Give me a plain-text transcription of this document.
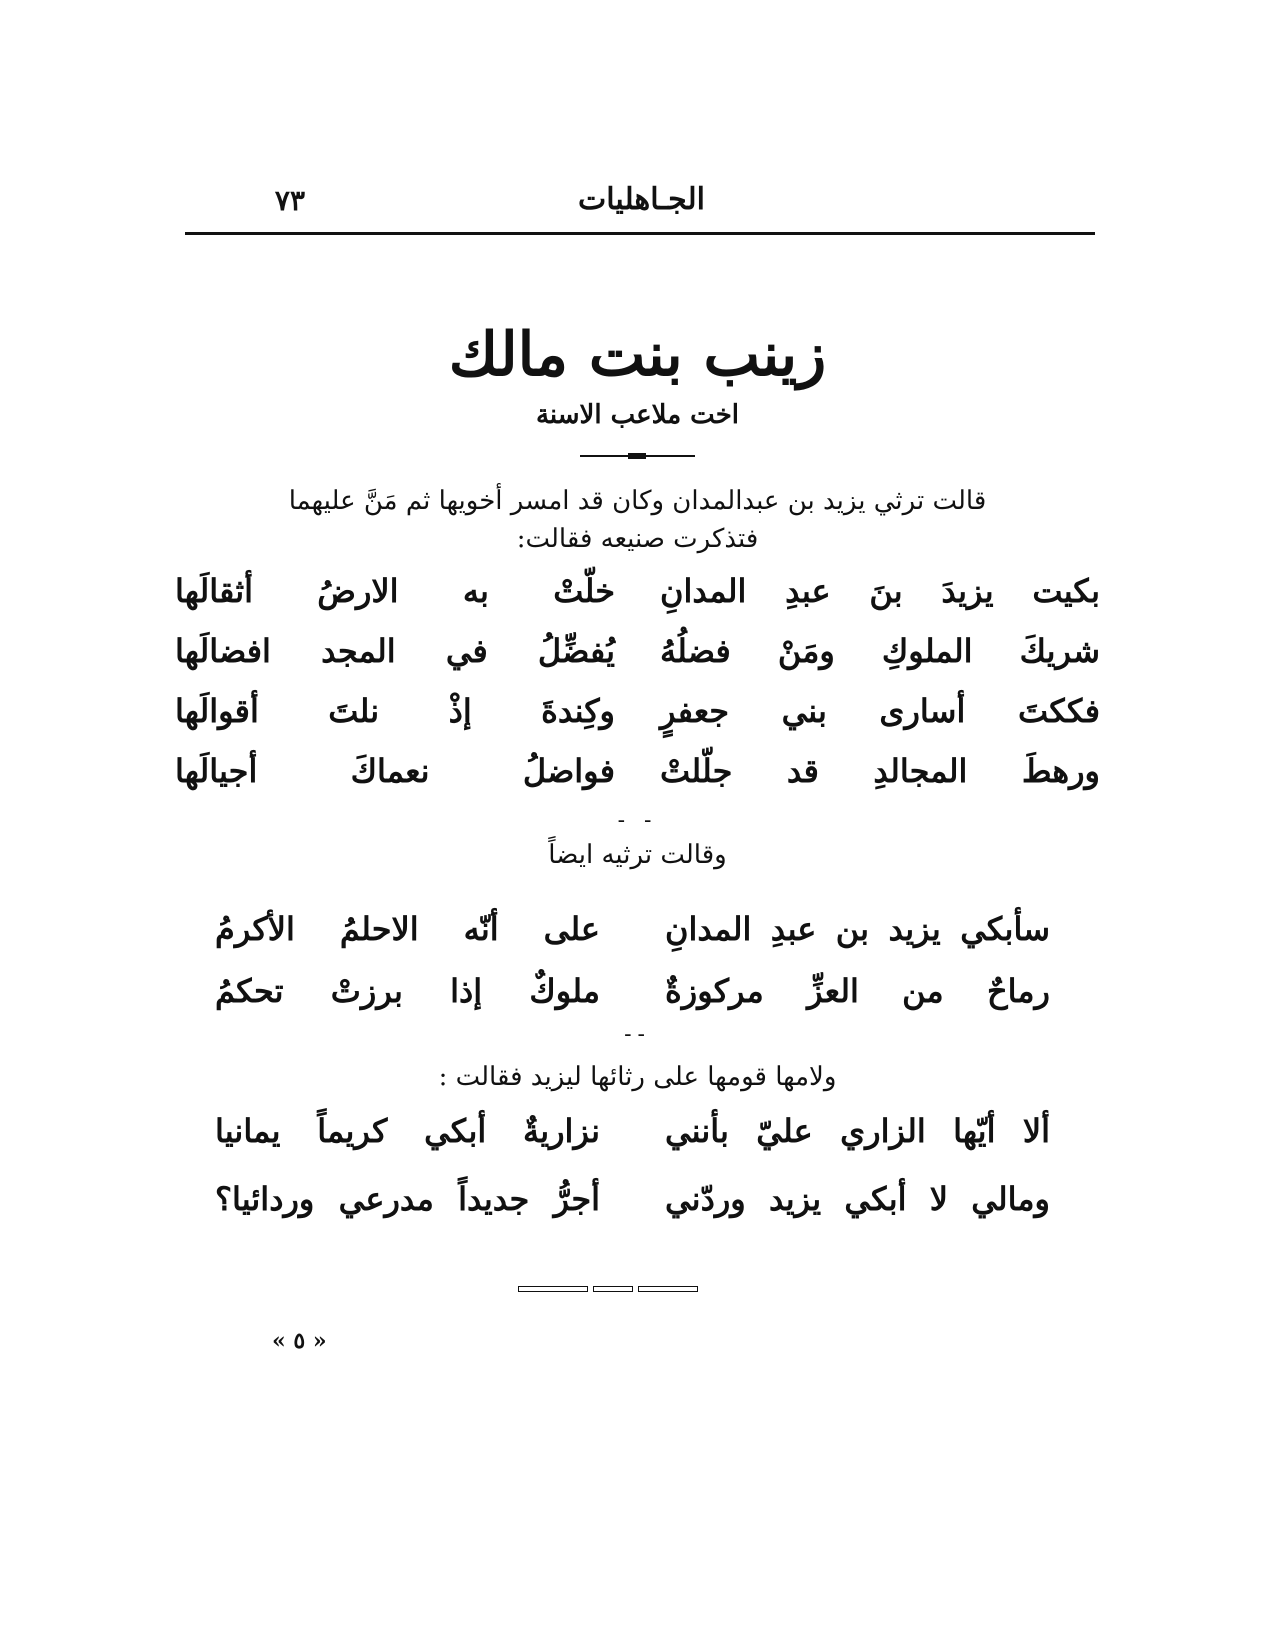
الجـاهليات
٧٣
زينب بنت مالك
اخت ملاعب الاسنة
قالت ترثي يزيد بن عبدالمدان وكان قد امسر أخويها ثم مَنَّ عليهما
فتذكرت صنيعه فقالت:
بكيت يزيدَ بنَ عبدِ المدانِ
خلّتْ به الارضُ أثقالَها
شريكَ الملوكِ ومَنْ فضلُهُ
يُفضِّلُ في المجد افضالَها
فككتَ أسارى بني جعفرٍ
وكِندةَ إذْ نلتَ أقوالَها
ورهطَ المجالدِ قد جلّلتْ
فواضلُ نعماكَ أجيالَها
- -
وقالت ترثيه ايضاً
سأبكي يزيد بن عبدِ المدانِ
على أنّه الاحلمُ الأكرمُ
رماحٌ من العزِّ مركوزةٌ
ملوكٌ إذا برزتْ تحكمُ
--
ولامها قومها على رثائها ليزيد فقالت :
ألا أيّها الزاري عليّ بأنني
نزاريةٌ أبكي كريماً يمانيا
ومالي لا أبكي يزيد وردّني
أجرُّ جديداً مدرعي وردائيا؟
« ٥ »
